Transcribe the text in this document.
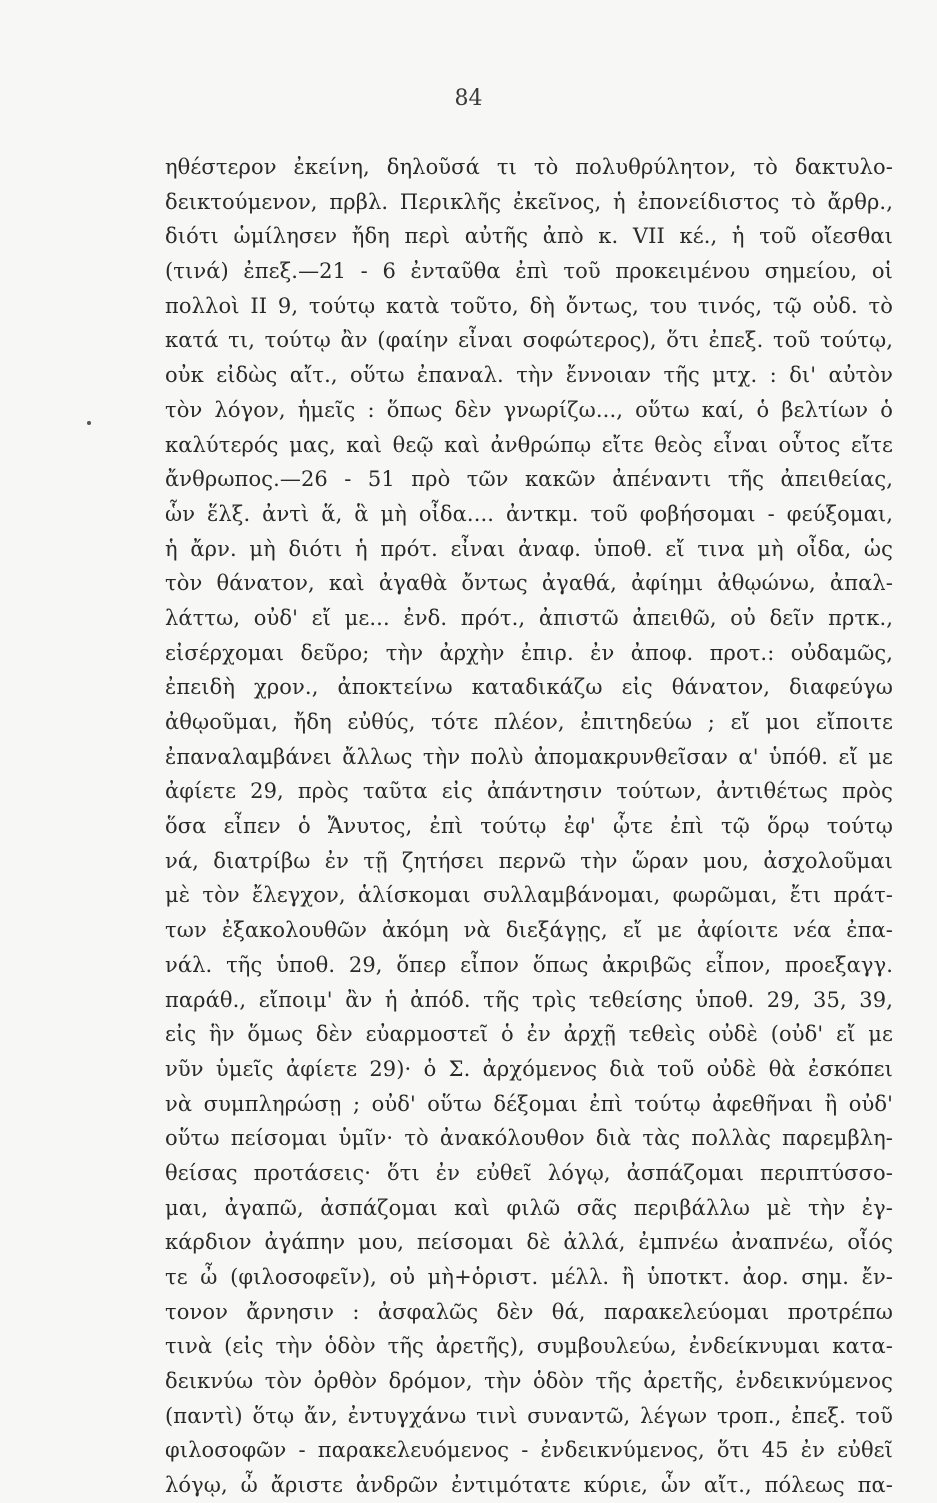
84
ηθέστερον ἐκείνη, δηλοῦσά τι τὸ πολυθρύλητον, τὸ δακτυλο-
δεικτούμενον, πρβλ. Περικλῆς ἐκεῖνος, ἡ ἐπονείδιστος τὸ ἄρθρ.,
διότι ὡμίλησεν ἤδη περὶ αὐτῆς ἀπὸ κ. VII κέ., ἡ τοῦ οἴεσθαι
(τινά) ἐπεξ.—21 - 6 ἐνταῦθα ἐπὶ τοῦ προκειμένου σημείου, οἱ
πολλοὶ II 9, τούτῳ κατὰ τοῦτο, δὴ ὄντως, του τινός, τῷ οὐδ. τὸ
κατά τι, τούτῳ ἂν (φαίην εἶναι σοφώτερος), ὅτι ἐπεξ. τοῦ τούτῳ,
οὐκ εἰδὼς αἴτ., οὕτω ἐπαναλ. τὴν ἔννοιαν τῆς μτχ. : δι' αὐτὸν
τὸν λόγον, ἡμεῖς : ὅπως δὲν γνωρίζω..., οὕτω καί, ὁ βελτίων ὁ
καλύτερός μας, καὶ θεῷ καὶ ἀνθρώπῳ εἴτε θεὸς εἶναι οὗτος εἴτε
ἄνθρωπος.—26 - 51 πρὸ τῶν κακῶν ἀπέναντι τῆς ἀπειθείας,
ὧν ἕλξ. ἀντὶ ἅ, ἃ μὴ οἶδα.... ἀντκμ. τοῦ φοβήσομαι - φεύξομαι,
ἡ ἄρν. μὴ διότι ἡ πρότ. εἶναι ἀναφ. ὑποθ. εἴ τινα μὴ οἶδα, ὡς
τὸν θάνατον, καὶ ἀγαθὰ ὄντως ἀγαθά, ἀφίημι ἀθῳώνω, ἀπαλ-
λάττω, οὐδ' εἴ με... ἐνδ. πρότ., ἀπιστῶ ἀπειθῶ, οὐ δεῖν πρτκ.,
εἰσέρχομαι δεῦρο; τὴν ἀρχὴν ἐπιρ. ἐν ἀποφ. προτ.: οὐδαμῶς,
ἐπειδὴ χρον., ἀποκτείνω καταδικάζω εἰς θάνατον, διαφεύγω
ἀθῳοῦμαι, ἤδη εὐθύς, τότε πλέον, ἐπιτηδεύω ; εἴ μοι εἴποιτε
ἐπαναλαμβάνει ἄλλως τὴν πολὺ ἀπομακρυνθεῖσαν α' ὑπόθ. εἴ με
ἀφίετε 29, πρὸς ταῦτα εἰς ἀπάντησιν τούτων, ἀντιθέτως πρὸς
ὅσα εἶπεν ὁ Ἄνυτος, ἐπὶ τούτῳ ἐφ' ᾧτε ἐπὶ τῷ ὅρῳ τούτῳ
νά, διατρίβω ἐν τῇ ζητήσει περνῶ τὴν ὥραν μου, ἀσχολοῦμαι
μὲ τὸν ἔλεγχον, ἁλίσκομαι συλλαμβάνομαι, φωρῶμαι, ἔτι πράτ-
των ἐξακολουθῶν ἀκόμη νὰ διεξάγῃς, εἴ με ἀφίοιτε νέα ἐπα-
νάλ. τῆς ὑποθ. 29, ὅπερ εἶπον ὅπως ἀκριβῶς εἶπον, προεξαγγ.
παράθ., εἴποιμ' ἂν ἡ ἀπόδ. τῆς τρὶς τεθείσης ὑποθ. 29, 35, 39,
εἰς ἣν ὅμως δὲν εὐαρμοστεῖ ὁ ἐν ἀρχῇ τεθεὶς οὐδὲ (οὐδ' εἴ με
νῦν ὑμεῖς ἀφίετε 29)· ὁ Σ. ἀρχόμενος διὰ τοῦ οὐδὲ θὰ ἐσκόπει
νὰ συμπληρώσῃ ; οὐδ' οὕτω δέξομαι ἐπὶ τούτῳ ἀφεθῆναι ἢ οὐδ'
οὕτω πείσομαι ὑμῖν· τὸ ἀνακόλουθον διὰ τὰς πολλὰς παρεμβλη-
θείσας προτάσεις· ὅτι ἐν εὐθεῖ λόγῳ, ἀσπάζομαι περιπτύσσο-
μαι, ἀγαπῶ, ἀσπάζομαι καὶ φιλῶ σᾶς περιβάλλω μὲ τὴν ἐγ-
κάρδιον ἀγάπην μου, πείσομαι δὲ ἀλλά, ἐμπνέω ἀναπνέω, οἷός
τε ὦ (φιλοσοφεῖν), οὐ μὴ+ὁριστ. μέλλ. ἢ ὑποτκτ. ἀορ. σημ. ἔν-
τονον ἄρνησιν : ἀσφαλῶς δὲν θά, παρακελεύομαι προτρέπω
τινὰ (εἰς τὴν ὁδὸν τῆς ἀρετῆς), συμβουλεύω, ἐνδείκνυμαι κατα-
δεικνύω τὸν ὀρθὸν δρόμον, τὴν ὁδὸν τῆς ἀρετῆς, ἐνδεικνύμενος
(παντὶ) ὅτῳ ἄν, ἐντυγχάνω τινὶ συναντῶ, λέγων τροπ., ἐπεξ. τοῦ
φιλοσοφῶν - παρακελευόμενος - ἐνδεικνύμενος, ὅτι 45 ἐν εὐθεῖ
λόγῳ, ὦ ἄριστε ἀνδρῶν ἐντιμότατε κύριε, ὧν αἴτ., πόλεως πα-
